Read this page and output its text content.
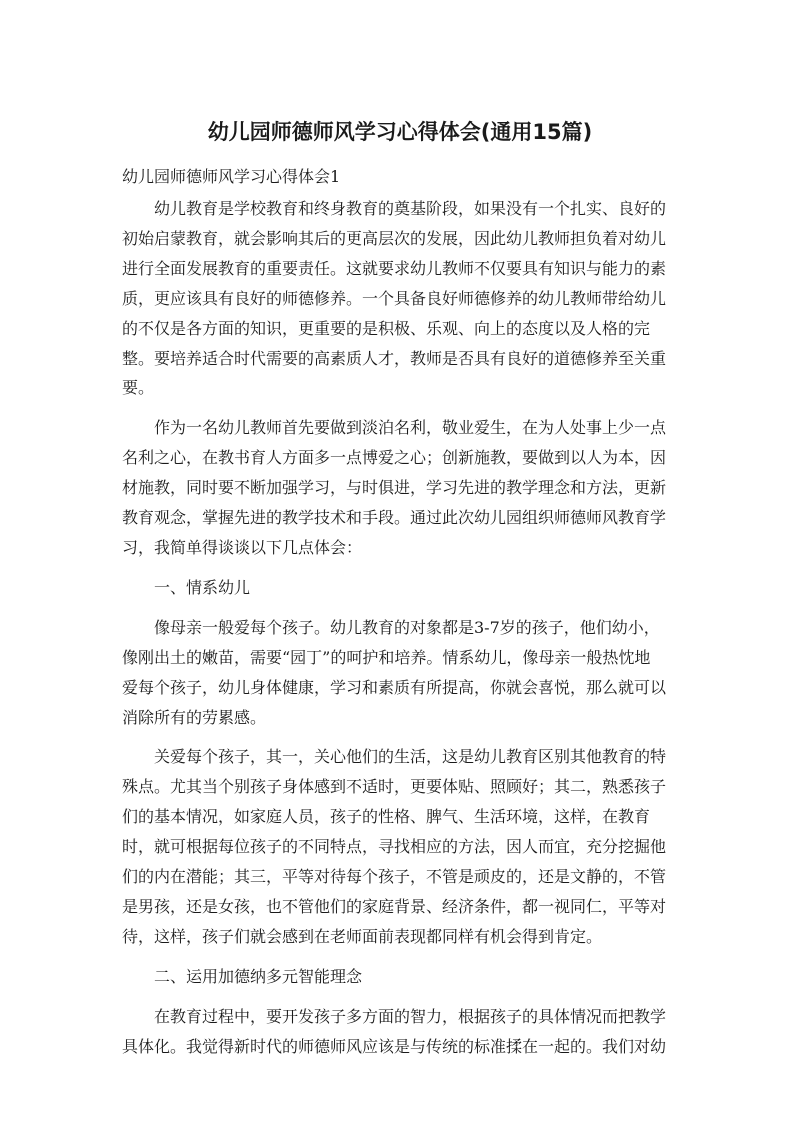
幼儿园师德师风学习心得体会(通用15篇)

幼儿园师德师风学习心得体会1

幼儿教育是学校教育和终身教育的奠基阶段，如果没有一个扎实、良好的
初始启蒙教育，就会影响其后的更高层次的发展，因此幼儿教师担负着对幼儿
进行全面发展教育的重要责任。这就要求幼儿教师不仅要具有知识与能力的素
质，更应该具有良好的师德修养。一个具备良好师德修养的幼儿教师带给幼儿
的不仅是各方面的知识，更重要的是积极、乐观、向上的态度以及人格的完
整。要培养适合时代需要的高素质人才，教师是否具有良好的道德修养至关重
要。

作为一名幼儿教师首先要做到淡泊名利，敬业爱生，在为人处事上少一点
名利之心，在教书育人方面多一点博爱之心；创新施教，要做到以人为本，因
材施教，同时要不断加强学习，与时俱进，学习先进的教学理念和方法，更新
教育观念，掌握先进的教学技术和手段。通过此次幼儿园组织师德师风教育学
习，我简单得谈谈以下几点体会：

一、情系幼儿

像母亲一般爱每个孩子。幼儿教育的对象都是3-7岁的孩子，他们幼小，
像刚出土的嫩苗，需要“园丁”的呵护和培养。情系幼儿，像母亲一般热忱地
爱每个孩子，幼儿身体健康，学习和素质有所提高，你就会喜悦，那么就可以
消除所有的劳累感。

关爱每个孩子，其一，关心他们的生活，这是幼儿教育区别其他教育的特
殊点。尤其当个别孩子身体感到不适时，更要体贴、照顾好；其二，熟悉孩子
们的基本情况，如家庭人员，孩子的性格、脾气、生活环境，这样，在教育
时，就可根据每位孩子的不同特点，寻找相应的方法，因人而宜，充分挖掘他
们的内在潜能；其三，平等对待每个孩子，不管是顽皮的，还是文静的，不管
是男孩，还是女孩，也不管他们的家庭背景、经济条件，都一视同仁，平等对
待，这样，孩子们就会感到在老师面前表现都同样有机会得到肯定。

二、运用加德纳多元智能理念

在教育过程中，要开发孩子多方面的智力，根据孩子的具体情况而把教学
具体化。我觉得新时代的师德师风应该是与传统的标准揉在一起的。我们对幼
